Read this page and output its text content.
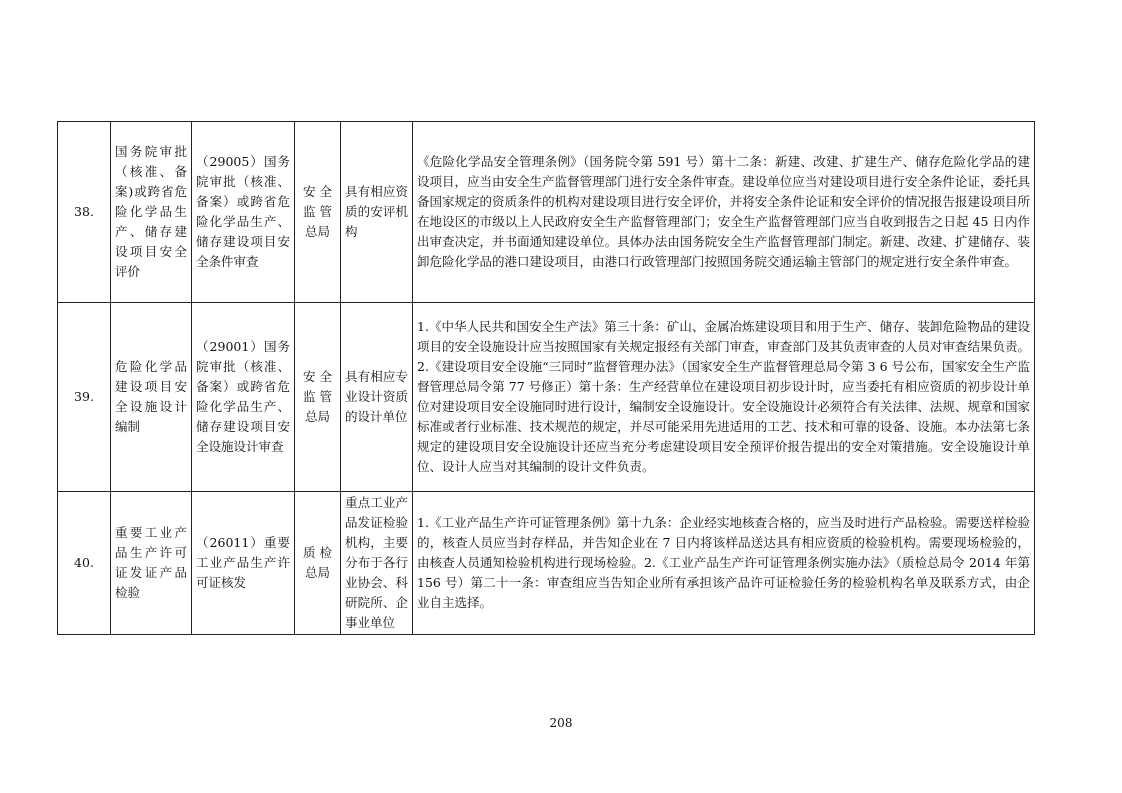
38.	国务院审批（核准、备案)或跨省危险化学品生产、储存建设项目安全评价	（29005）国务院审批（核准、备案）或跨省危险化学品生产、储存建设项目安全条件审查	安 全 监 管 总局	具有相应资质的安评机构	《危险化学品安全管理条例》（国务院令第 591 号）第十二条：新建、改建、扩建生产、储存危险化学品的建设项目，应当由安全生产监督管理部门进行安全条件审查。建设单位应当对建设项目进行安全条件论证，委托具备国家规定的资质条件的机构对建设项目进行安全评价，并将安全条件论证和安全评价的情况报告报建设项目所在地设区的市级以上人民政府安全生产监督管理部门；安全生产监督管理部门应当自收到报告之日起 45 日内作出审查决定，并书面通知建设单位。具体办法由国务院安全生产监督管理部门制定。新建、改建、扩建储存、装卸危险化学品的港口建设项目，由港口行政管理部门按照国务院交通运输主管部门的规定进行安全条件审查。
39.	危险化学品建设项目安全设施设计编制	（29001）国务院审批（核准、备案）或跨省危险化学品生产、储存建设项目安全设施设计审查	安 全 监 管 总局	具有相应专业设计资质的设计单位	1.《中华人民共和国安全生产法》第三十条：矿山、金属冶炼建设项目和用于生产、储存、装卸危险物品的建设项目的安全设施设计应当按照国家有关规定报经有关部门审查，审查部门及其负责审查的人员对审查结果负责。2.《建设项目安全设施“三同时”监督管理办法》（国家安全生产监督管理总局令第 3 6 号公布，国家安全生产监督管理总局令第 77 号修正）第十条：生产经营单位在建设项目初步设计时，应当委托有相应资质的初步设计单位对建设项目安全设施同时进行设计，编制安全设施设计。安全设施设计必须符合有关法律、法规、规章和国家标准或者行业标准、技术规范的规定，并尽可能采用先进适用的工艺、技术和可靠的设备、设施。本办法第七条规定的建设项目安全设施设计还应当充分考虑建设项目安全预评价报告提出的安全对策措施。安全设施设计单位、设计人应当对其编制的设计文件负责。
40.	重要工业产品生产许可证发证产品检验	（26011）重要工业产品生产许可证核发	质 检 总局	重点工业产品发证检验机构，主要分布于各行业协会、科研院所、企事业单位	1.《工业产品生产许可证管理条例》第十九条：企业经实地核查合格的，应当及时进行产品检验。需要送样检验的，核查人员应当封存样品，并告知企业在 7 日内将该样品送达具有相应资质的检验机构。需要现场检验的，由核查人员通知检验机构进行现场检验。2.《工业产品生产许可证管理条例实施办法》（质检总局令 2014 年第 156 号）第二十一条：审查组应当告知企业所有承担该产品许可证检验任务的检验机构名单及联系方式，由企业自主选择。
208
